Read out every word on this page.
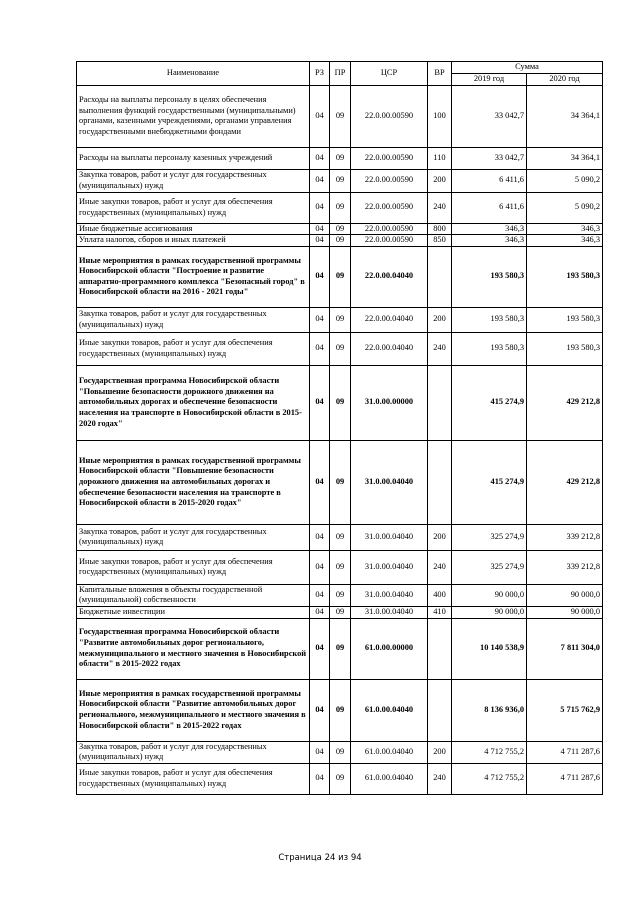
Наименование	РЗ	ПР	ЦСР	ВР	Сумма	
					2019 год	2020 год
Расходы на выплаты персоналу в целях обеспечения выполнения функций государственными (муниципальными) органами, казенными учреждениями, органами управления государственными внебюджетными фондами	04	09	22.0.00.00590	100	33 042,7	34 364,1
Расходы на выплаты персоналу казенных учреждений	04	09	22.0.00.00590	110	33 042,7	34 364,1
Закупка товаров, работ и услуг для государственных (муниципальных) нужд	04	09	22.0.00.00590	200	6 411,6	5 090,2
Иные закупки товаров, работ и услуг для обеспечения государственных (муниципальных) нужд	04	09	22.0.00.00590	240	6 411,6	5 090,2
Иные бюджетные ассигнования	04	09	22.0.00.00590	800	346,3	346,3
Уплата налогов, сборов и иных платежей	04	09	22.0.00.00590	850	346,3	346,3
Иные мероприятия в рамках государственной программы Новосибирской области "Построение и развитие аппаратно-программного комплекса "Безопасный город" в Новосибирской области на 2016 - 2021 годы"	04	09	22.0.00.04040		193 580,3	193 580,3
Закупка товаров, работ и услуг для государственных (муниципальных) нужд	04	09	22.0.00.04040	200	193 580,3	193 580,3
Иные закупки товаров, работ и услуг для обеспечения государственных (муниципальных) нужд	04	09	22.0.00.04040	240	193 580,3	193 580,3
Государственная программа Новосибирской области "Повышение безопасности дорожного движения на автомобильных дорогах и обеспечение безопасности населения на транспорте в Новосибирской области в 2015-2020 годах"	04	09	31.0.00.00000		415 274,9	429 212,8
Иные мероприятия в рамках государственной программы Новосибирской области "Повышение безопасности дорожного движения на автомобильных дорогах и обеспечение безопасности населения на транспорте в Новосибирской области в 2015-2020 годах"	04	09	31.0.00.04040		415 274,9	429 212,8
Закупка товаров, работ и услуг для государственных (муниципальных) нужд	04	09	31.0.00.04040	200	325 274,9	339 212,8
Иные закупки товаров, работ и услуг для обеспечения государственных (муниципальных) нужд	04	09	31.0.00.04040	240	325 274,9	339 212,8
Капитальные вложения в объекты государственной (муниципальной) собственности	04	09	31.0.00.04040	400	90 000,0	90 000,0
Бюджетные инвестиции	04	09	31.0.00.04040	410	90 000,0	90 000,0
Государственная программа Новосибирской области "Развитие автомобильных дорог регионального, межмуниципального и местного значения в Новосибирской области" в 2015-2022 годах	04	09	61.0.00.00000		10 140 538,9	7 811 304,0
Иные мероприятия в рамках государственной программы Новосибирской области "Развитие автомобильных дорог регионального, межмуниципального и местного значения в Новосибирской области" в 2015-2022 годах	04	09	61.0.00.04040		8 136 936,0	5 715 762,9
Закупка товаров, работ и услуг для государственных (муниципальных) нужд	04	09	61.0.00.04040	200	4 712 755,2	4 711 287,6
Иные закупки товаров, работ и услуг для обеспечения государственных (муниципальных) нужд	04	09	61.0.00.04040	240	4 712 755,2	4 711 287,6
Страница 24 из 94
